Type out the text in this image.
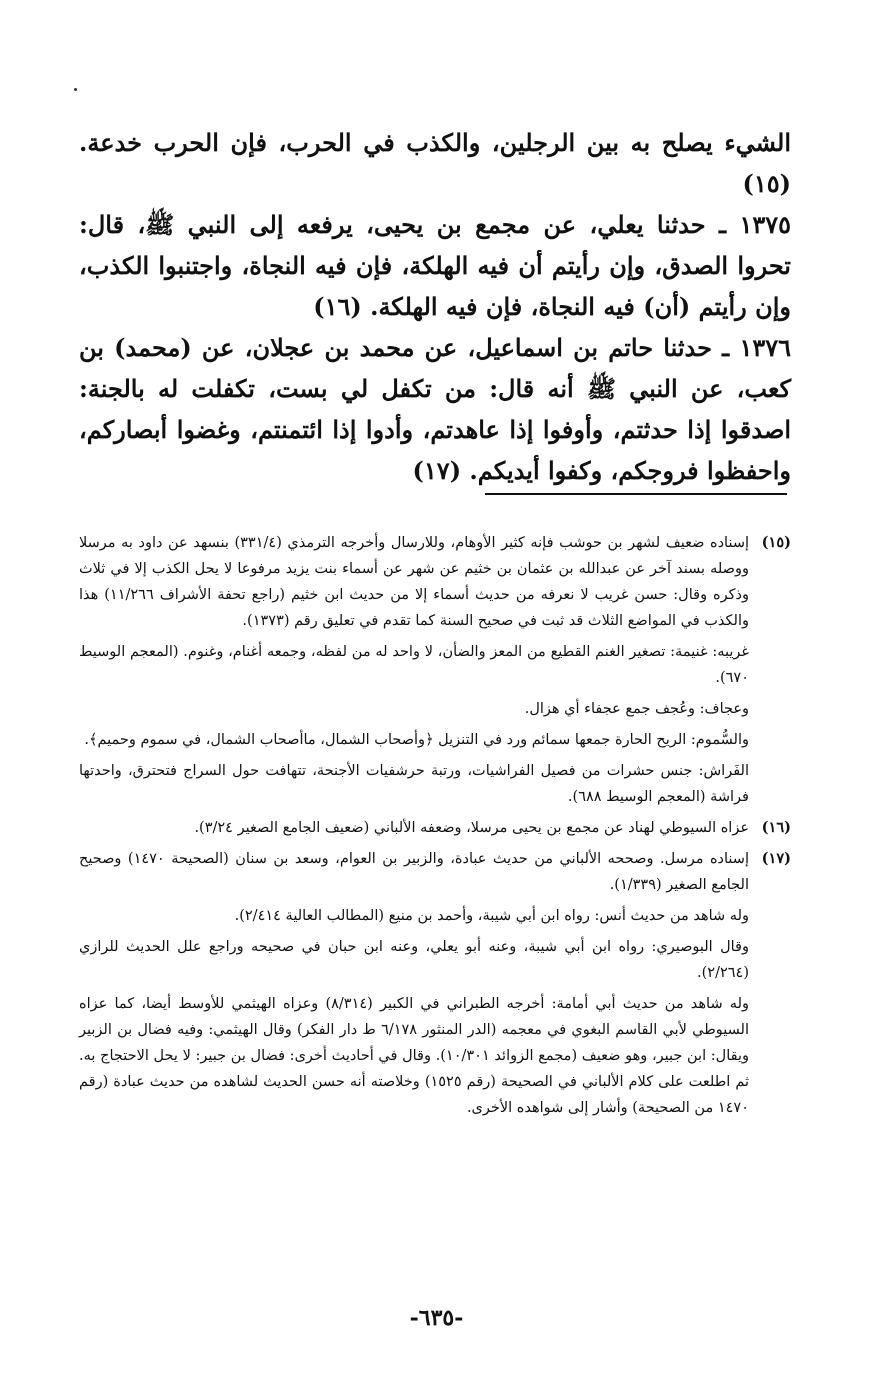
الشيء يصلح به بين الرجلين، والكذب في الحرب، فإن الحرب خدعة. (١٥)

١٣٧٥ ـ حدثنا يعلي، عن مجمع بن يحيى، يرفعه إلى النبي ﷺ، قال: تحروا الصدق، وإن رأيتم أن فيه الهلكة، فإن فيه النجاة، واجتنبوا الكذب، وإن رأيتم (أن) فيه النجاة، فإن فيه الهلكة. (١٦)

١٣٧٦ ـ حدثنا حاتم بن اسماعيل، عن محمد بن عجلان، عن (محمد) بن كعب، عن النبي ﷺ أنه قال: من تكفل لي بست، تكفلت له بالجنة: اصدقوا إذا حدثتم، وأوفوا إذا عاهدتم، وأدوا إذا ائتمنتم، وغضوا أبصاركم، واحفظوا فروجكم، وكفوا أيديكم. (١٧)

(١٥)

إسناده ضعيف لشهر بن حوشب فإنه كثير الأوهام، وللارسال وأخرجه الترمذي (٣٣١/٤) بنسهد عن داود به مرسلا ووصله بسند آخر عن عبدالله بن عثمان بن خثيم عن شهر عن أسماء بنت يزيد مرفوعا لا يحل الكذب إلا في ثلاث وذكره وقال: حسن غريب لا نعرفه من حديث أسماء إلا من حديث ابن خثيم (راجع تحفة الأشراف ١١/٢٦٦) هذا والكذب في المواضع الثلاث قد ثبت في صحيح السنة كما تقدم في تعليق رقم (١٣٧٣).

غريبه: غنيمة: تصغير الغنم القطيع من المعز والضأن، لا واحد له من لفظه، وجمعه أغنام، وغنوم. (المعجم الوسيط ٦٧٠).

وعجاف: وعُجف جمع عجفاء أي هزال.

والسُّموم: الريح الحارة جمعها سمائم ورد في التنزيل ﴿وأصحاب الشمال، ماأصحاب الشمال، في سموم وحميم﴾.

الفَراش: جنس حشرات من فصيل الفراشيات، ورتبة حرشفيات الأجنحة، تتهافت حول السراج فتحترق، واحدتها فراشة (المعجم الوسيط ٦٨٨).

(١٦)

عزاه السيوطي لهناد عن مجمع بن يحيى مرسلا، وضعفه الألباني (ضعيف الجامع الصغير ٣/٢٤).

(١٧)

إسناده مرسل. وصححه الألباني من حديث عبادة، والزبير بن العوام، وسعد بن سنان (الصحيحة ١٤٧٠) وصحيح الجامع الصغير (١/٣٣٩).

وله شاهد من حديث أنس: رواه ابن أبي شيبة، وأحمد بن منيع (المطالب العالية ٢/٤١٤).

وقال البوصيري: رواه ابن أبي شيبة، وعنه أبو يعلي، وعنه ابن حبان في صحيحه وراجع علل الحديث للرازي (٢/٢٦٤).

وله شاهد من حديث أبي أمامة: أخرجه الطبراني في الكبير (٨/٣١٤) وعزاه الهيثمي للأوسط أيضا، كما عزاه السيوطي لأبي القاسم البغوي في معجمه (الدر المنثور ٦/١٧٨ ط دار الفكر) وقال الهيثمي: وفيه فضال بن الزبير ويقال: ابن جبير، وهو ضعيف (مجمع الزوائد ١٠/٣٠١). وقال في أحاديث أخرى: فضال بن جبير: لا يحل الاحتجاج به. ثم اطلعت على كلام الألباني في الصحيحة (رقم ١٥٢٥) وخلاصته أنه حسن الحديث لشاهده من حديث عبادة (رقم ١٤٧٠ من الصحيحة) وأشار إلى شواهده الأخرى.

-٦٣٥-
